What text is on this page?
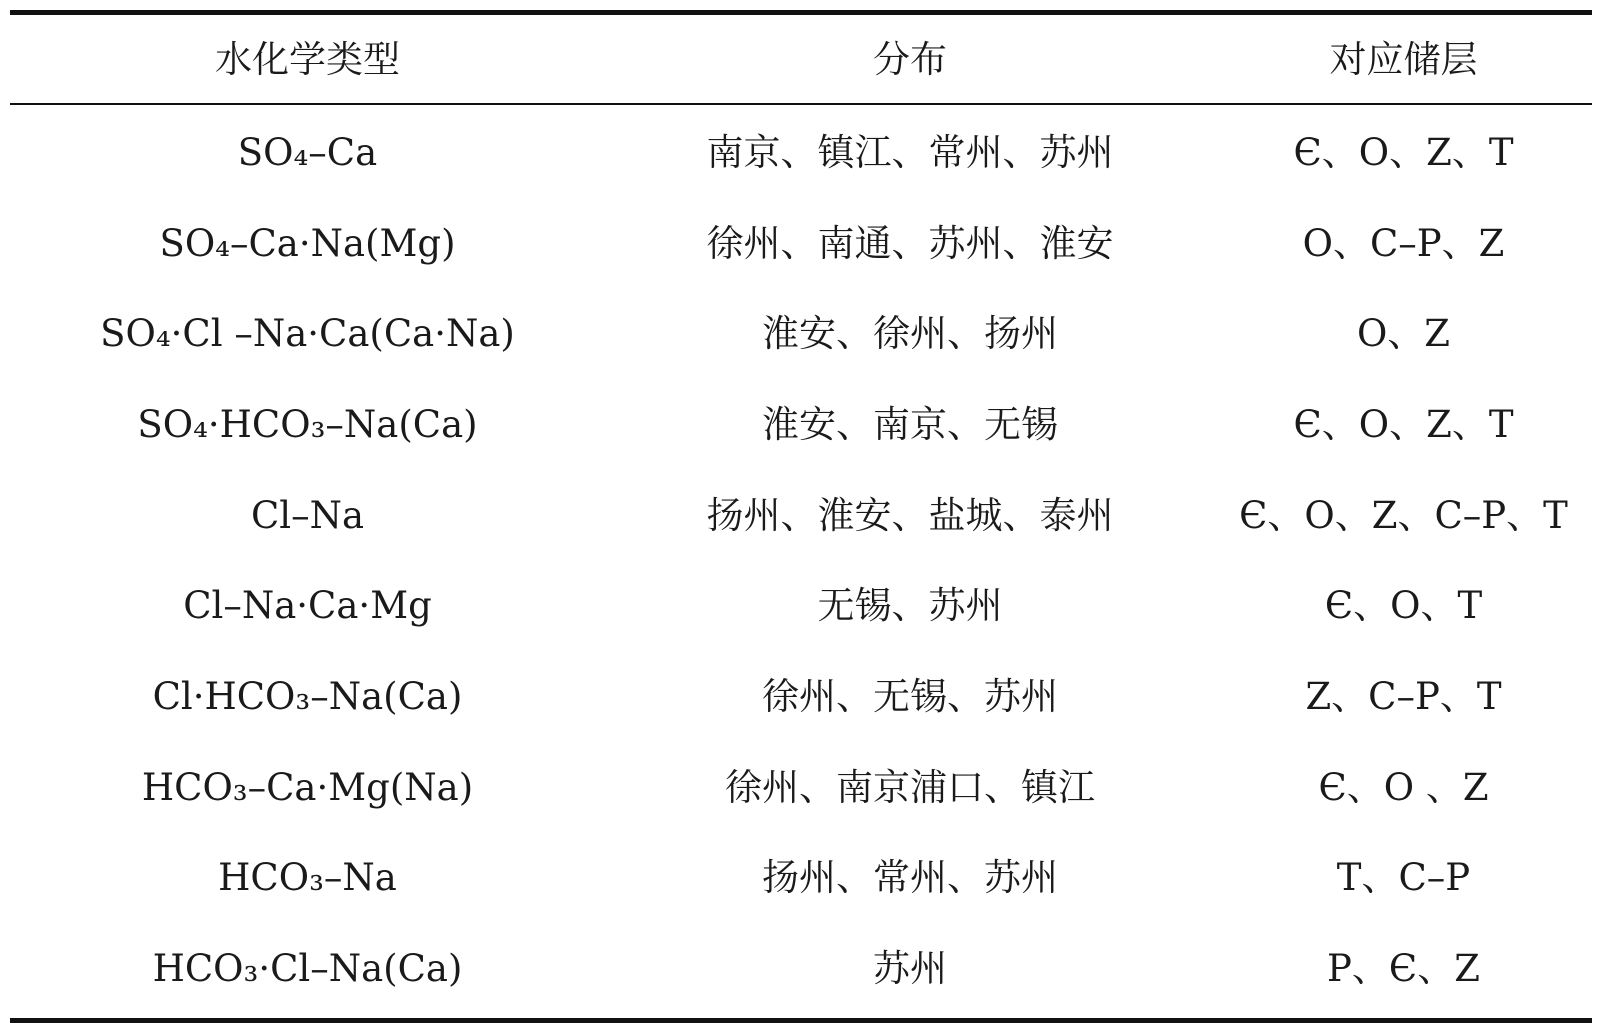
水化学类型	分布	对应储层
SO₄–Ca	南京、镇江、常州、苏州	Є、O、Z、T
SO₄–Ca·Na(Mg)	徐州、南通、苏州、淮安	O、C–P、Z
SO₄·Cl –Na·Ca(Ca·Na)	淮安、徐州、扬州	O、Z
SO₄·HCO₃–Na(Ca)	淮安、南京、无锡	Є、O、Z、T
Cl–Na	扬州、淮安、盐城、泰州	Є、O、Z、C–P、T
Cl–Na·Ca·Mg	无锡、苏州	Є、O、T
Cl·HCO₃–Na(Ca)	徐州、无锡、苏州	Z、C–P、T
HCO₃–Ca·Mg(Na)	徐州、南京浦口、镇江	Є、O 、Z
HCO₃–Na	扬州、常州、苏州	T、C–P
HCO₃·Cl–Na(Ca)	苏州	P、Є、Z
